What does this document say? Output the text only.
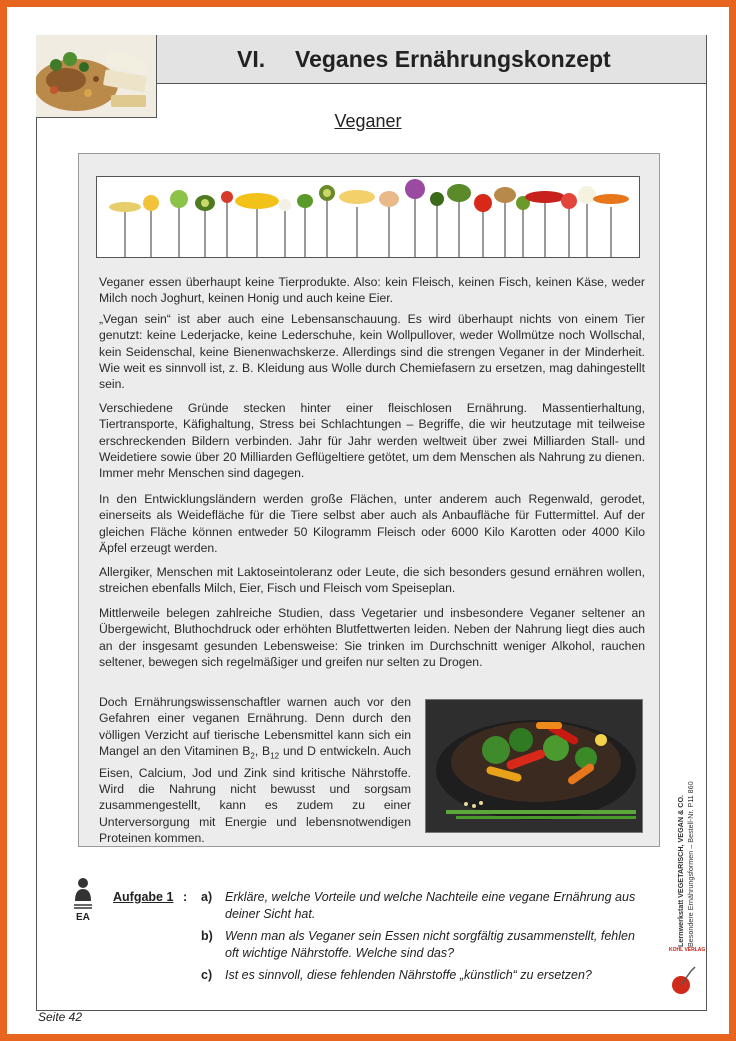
VI.	Veganes Ernährungskonzept
Veganer

Veganer essen überhaupt keine Tierprodukte. Also: kein Fleisch, keinen Fisch, keinen Käse, weder Milch noch Joghurt, keinen Honig und auch keine Eier.

„Vegan sein“ ist aber auch eine Lebensanschauung. Es wird überhaupt nichts von einem Tier genutzt: keine Lederjacke, keine Lederschuhe, kein Wollpullover, weder Wollmütze noch Wollschal, kein Seidenschal, keine Bienenwachskerze. Allerdings sind die strengen Veganer in der Minderheit. Wie weit es sinnvoll ist, z. B. Kleidung aus Wolle durch Chemiefasern zu ersetzen, mag dahingestellt sein.

Verschiedene Gründe stecken hinter einer fleischlosen Ernährung. Massentierhaltung, Tiertransporte, Käfighaltung, Stress bei Schlachtungen – Begriffe, die wir heutzutage mit teilweise erschreckenden Bildern verbinden. Jahr für Jahr werden weltweit über zwei Milliarden Stall- und Weidetiere sowie über 20 Milliarden Geflügeltiere getötet, um dem Menschen als Nahrung zu dienen. Immer mehr Menschen sind dagegen.

In den Entwicklungsländern werden große Flächen, unter anderem auch Regenwald, gerodet, einerseits als Weidefläche für die Tiere selbst aber auch als Anbaufläche für Futtermittel. Auf der gleichen Fläche können entweder 50 Kilogramm Fleisch oder 6000 Kilo Karotten oder 4000 Kilo Äpfel erzeugt werden.

Allergiker, Menschen mit Laktoseintoleranz oder Leute, die sich besonders gesund ernähren wollen, streichen ebenfalls Milch, Eier, Fisch und Fleisch vom Speiseplan.

Mittlerweile belegen zahlreiche Studien, dass Vegetarier und insbesondere Veganer seltener an Übergewicht, Bluthochdruck oder erhöhten Blutfettwerten leiden. Neben der Nahrung liegt dies auch an der insgesamt gesunden Lebensweise: Sie trinken im Durchschnitt weniger Alkohol, rauchen seltener, bewegen sich regelmäßiger und greifen nur selten zu Drogen.

Doch Ernährungswissenschaftler warnen auch vor den Gefahren einer veganen Ernährung. Denn durch den völligen Verzicht auf tierische Lebensmittel kann sich ein Mangel an den Vitaminen $B_2$, $B_{12}$ und D entwickeln. Auch Eisen, Calcium, Jod und Zink sind kritische Nährstoffe. Wird die Nahrung nicht bewusst und sorgsam zusammengestellt, kann es zudem zu einer Unterversorgung mit Energie und lebensnotwendigen Proteinen kommen.	Lernwerkstatt VEGETARISCH, VEGAN & CO. Besondere Ernährungsformen – Bestell-Nr. P11 860
KOHL VERLAG
EA
Aufgabe 1 : a) Erkläre, welche Vorteile und welche Nachteile eine vegane Ernährung aus deiner Sicht hat.
b) Wenn man als Veganer sein Essen nicht sorgfältig zusammenstellt, fehlen oft wichtige Nährstoffe. Welche sind das?
c) Ist es sinnvoll, diese fehlenden Nährstoffe „künstlich“ zu ersetzen?
Seite 42
